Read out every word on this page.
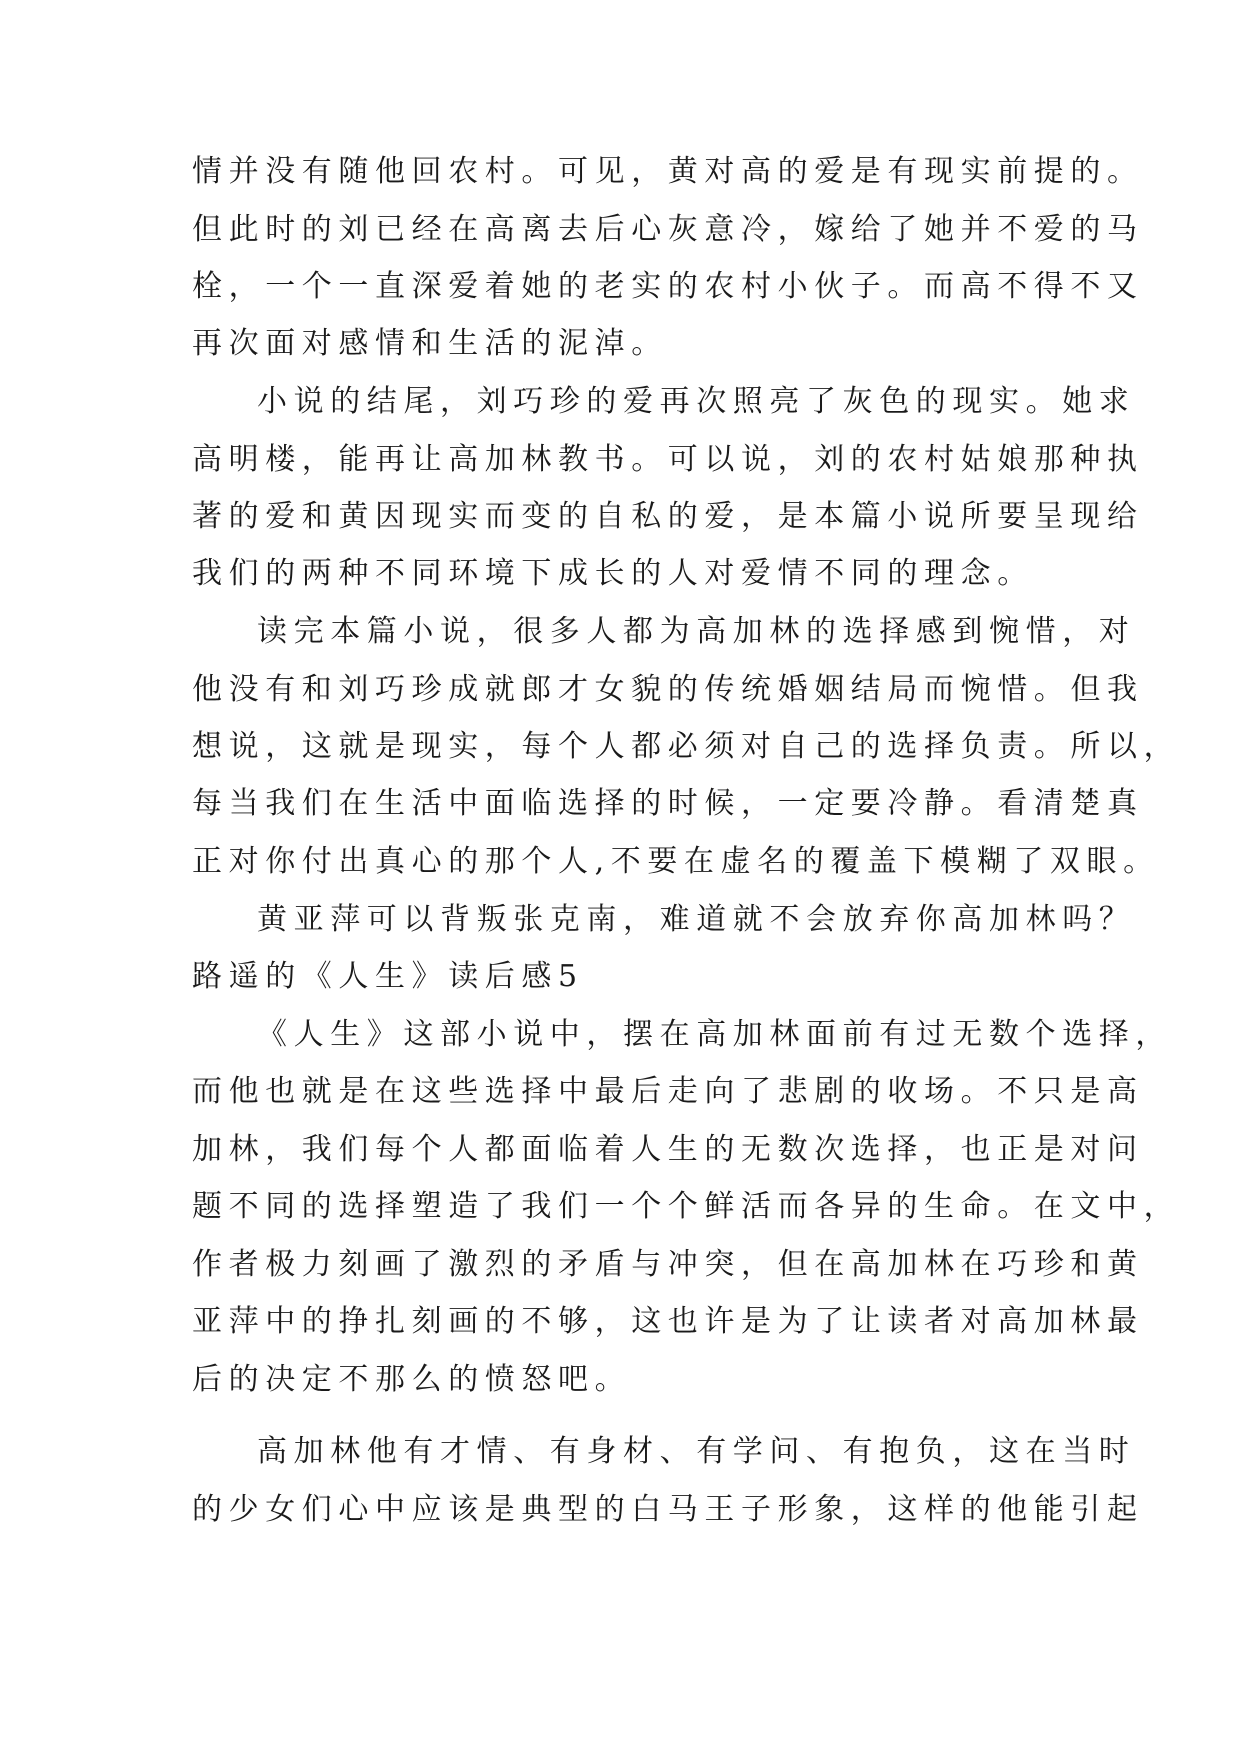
情并没有随他回农村。可见，黄对高的爱是有现实前提的。
但此时的刘已经在高离去后心灰意冷，嫁给了她并不爱的马
栓，一个一直深爱着她的老实的农村小伙子。而高不得不又
再次面对感情和生活的泥淖。
小说的结尾，刘巧珍的爱再次照亮了灰色的现实。她求
高明楼，能再让高加林教书。可以说，刘的农村姑娘那种执
著的爱和黄因现实而变的自私的爱，是本篇小说所要呈现给
我们的两种不同环境下成长的人对爱情不同的理念。
读完本篇小说，很多人都为高加林的选择感到惋惜，对
他没有和刘巧珍成就郎才女貌的传统婚姻结局而惋惜。但我
想说，这就是现实，每个人都必须对自己的选择负责。所以，
每当我们在生活中面临选择的时候，一定要冷静。看清楚真
正对你付出真心的那个人,不要在虚名的覆盖下模糊了双眼。
黄亚萍可以背叛张克南，难道就不会放弃你高加林吗？
路遥的《人生》读后感5
《人生》这部小说中，摆在高加林面前有过无数个选择，
而他也就是在这些选择中最后走向了悲剧的收场。不只是高
加林，我们每个人都面临着人生的无数次选择，也正是对问
题不同的选择塑造了我们一个个鲜活而各异的生命。在文中，
作者极力刻画了激烈的矛盾与冲突，但在高加林在巧珍和黄
亚萍中的挣扎刻画的不够，这也许是为了让读者对高加林最
后的决定不那么的愤怒吧。
高加林他有才情、有身材、有学问、有抱负，这在当时
的少女们心中应该是典型的白马王子形象，这样的他能引起
